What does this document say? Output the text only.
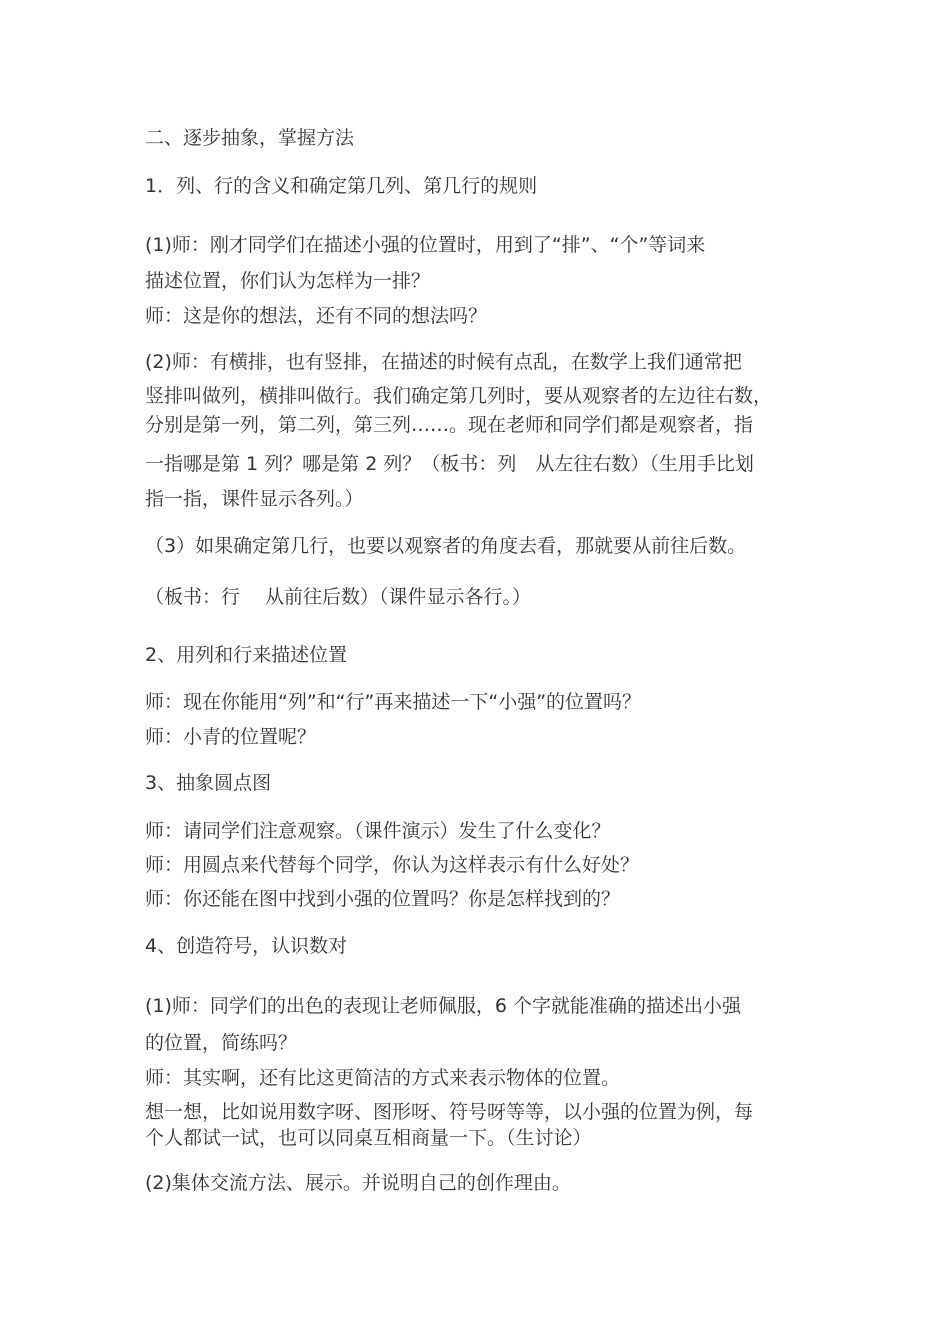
二、逐步抽象，掌握方法
1．列、行的含义和确定第几列、第几行的规则
(1)师：刚才同学们在描述小强的位置时，用到了“排”、“个”等词来
描述位置，你们认为怎样为一排？
师：这是你的想法，还有不同的想法吗？
(2)师：有横排，也有竖排，在描述的时候有点乱，在数学上我们通常把
竖排叫做列，横排叫做行。我们确定第几列时，要从观察者的左边往右数，
分别是第一列，第二列，第三列……。现在老师和同学们都是观察者，指
一指哪是第 1 列？哪是第 2 列？（板书：列　从左往右数）（生用手比划
指一指，课件显示各列。）
（3）如果确定第几行，也要以观察者的角度去看，那就要从前往后数。
（板书：行　 从前往后数）（课件显示各行。）
2、用列和行来描述位置
师：现在你能用“列”和“行”再来描述一下“小强”的位置吗？
师：小青的位置呢？
3、抽象圆点图
师：请同学们注意观察。（课件演示）发生了什么变化？
师：用圆点来代替每个同学，你认为这样表示有什么好处？
师：你还能在图中找到小强的位置吗？你是怎样找到的？
4、创造符号，认识数对
(1)师：同学们的出色的表现让老师佩服，6 个字就能准确的描述出小强
的位置，简练吗？
师：其实啊，还有比这更简洁的方式来表示物体的位置。
想一想，比如说用数字呀、图形呀、符号呀等等，以小强的位置为例，每
个人都试一试，也可以同桌互相商量一下。（生讨论）
(2)集体交流方法、展示。并说明自己的创作理由。
